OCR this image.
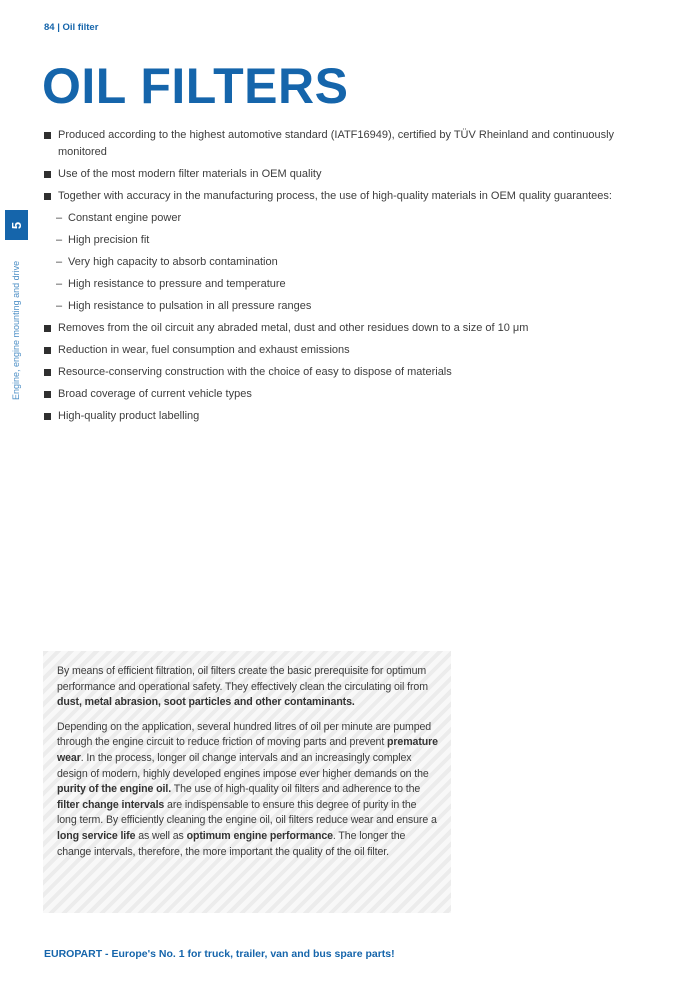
84 | Oil filter
OIL FILTERS
5
Engine, engine mounting and drive
Produced according to the highest automotive standard (IATF16949), certified by TÜV Rheinland and continuously monitored
Use of the most modern filter materials in OEM quality
Together with accuracy in the manufacturing process, the use of high-quality materials in OEM quality guarantees:
– Constant engine power
– High precision fit
– Very high capacity to absorb contamination
– High resistance to pressure and temperature
– High resistance to pulsation in all pressure ranges
Removes from the oil circuit any abraded metal, dust and other residues down to a size of 10 μm
Reduction in wear, fuel consumption and exhaust emissions
Resource-conserving construction with the choice of easy to dispose of materials
Broad coverage of current vehicle types
High-quality product labelling

By means of efficient filtration, oil filters create the basic prerequisite for optimum performance and operational safety. They effectively clean the circulating oil from dust, metal abrasion, soot particles and other contaminants.

Depending on the application, several hundred litres of oil per minute are pumped through the engine circuit to reduce friction of moving parts and prevent premature wear. In the process, longer oil change intervals and an increasingly complex design of modern, highly developed engines impose ever higher demands on the purity of the engine oil. The use of high-quality oil filters and adherence to the filter change intervals are indispensable to ensure this degree of purity in the long term. By efficiently cleaning the engine oil, oil filters reduce wear and ensure a long service life as well as optimum engine performance. The longer the change intervals, therefore, the more important the quality of the oil filter.

EUROPART - Europe's No. 1 for truck, trailer, van and bus spare parts!
